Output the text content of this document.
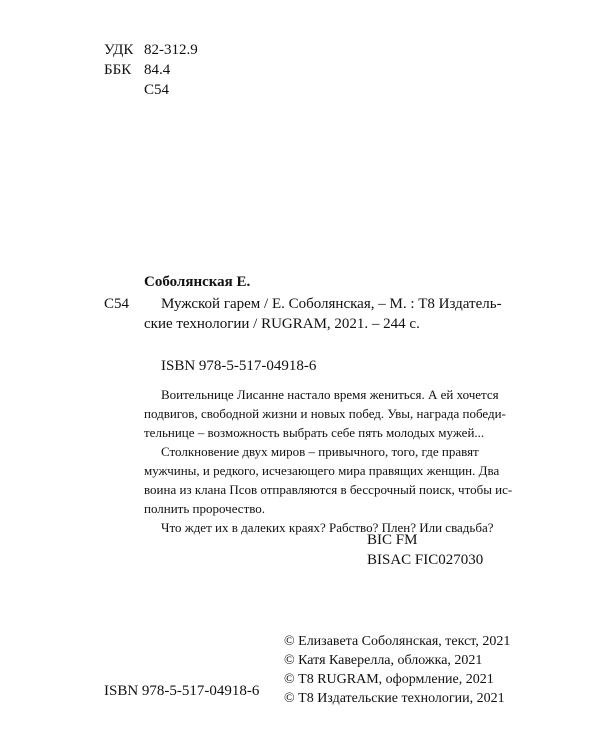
УДК 82-312.9
ББК 84.4
С54
Соболянская Е.
С54 Мужской гарем / Е. Соболянская, – М. : Т8 Издатель-
ские технологии / RUGRAM, 2021. – 244 с.
ISBN 978-5-517-04918-6
Воительнице Лисанне настало время жениться. А ей хочется
подвигов, свободной жизни и новых побед. Увы, награда победи-
тельнице – возможность выбрать себе пять молодых мужей...
Столкновение двух миров – привычного, того, где правят
мужчины, и редкого, исчезающего мира правящих женщин. Два
воина из клана Псов отправляются в бессрочный поиск, чтобы ис-
полнить пророчество.
Что ждет их в далеких краях? Рабство? Плен? Или свадьба?
BIC FM
BISAC FIC027030
ISBN 978-5-517-04918-6
© Елизавета Соболянская, текст, 2021
© Катя Каверелла, обложка, 2021
© Т8 RUGRAM, оформление, 2021
© Т8 Издательские технологии, 2021
